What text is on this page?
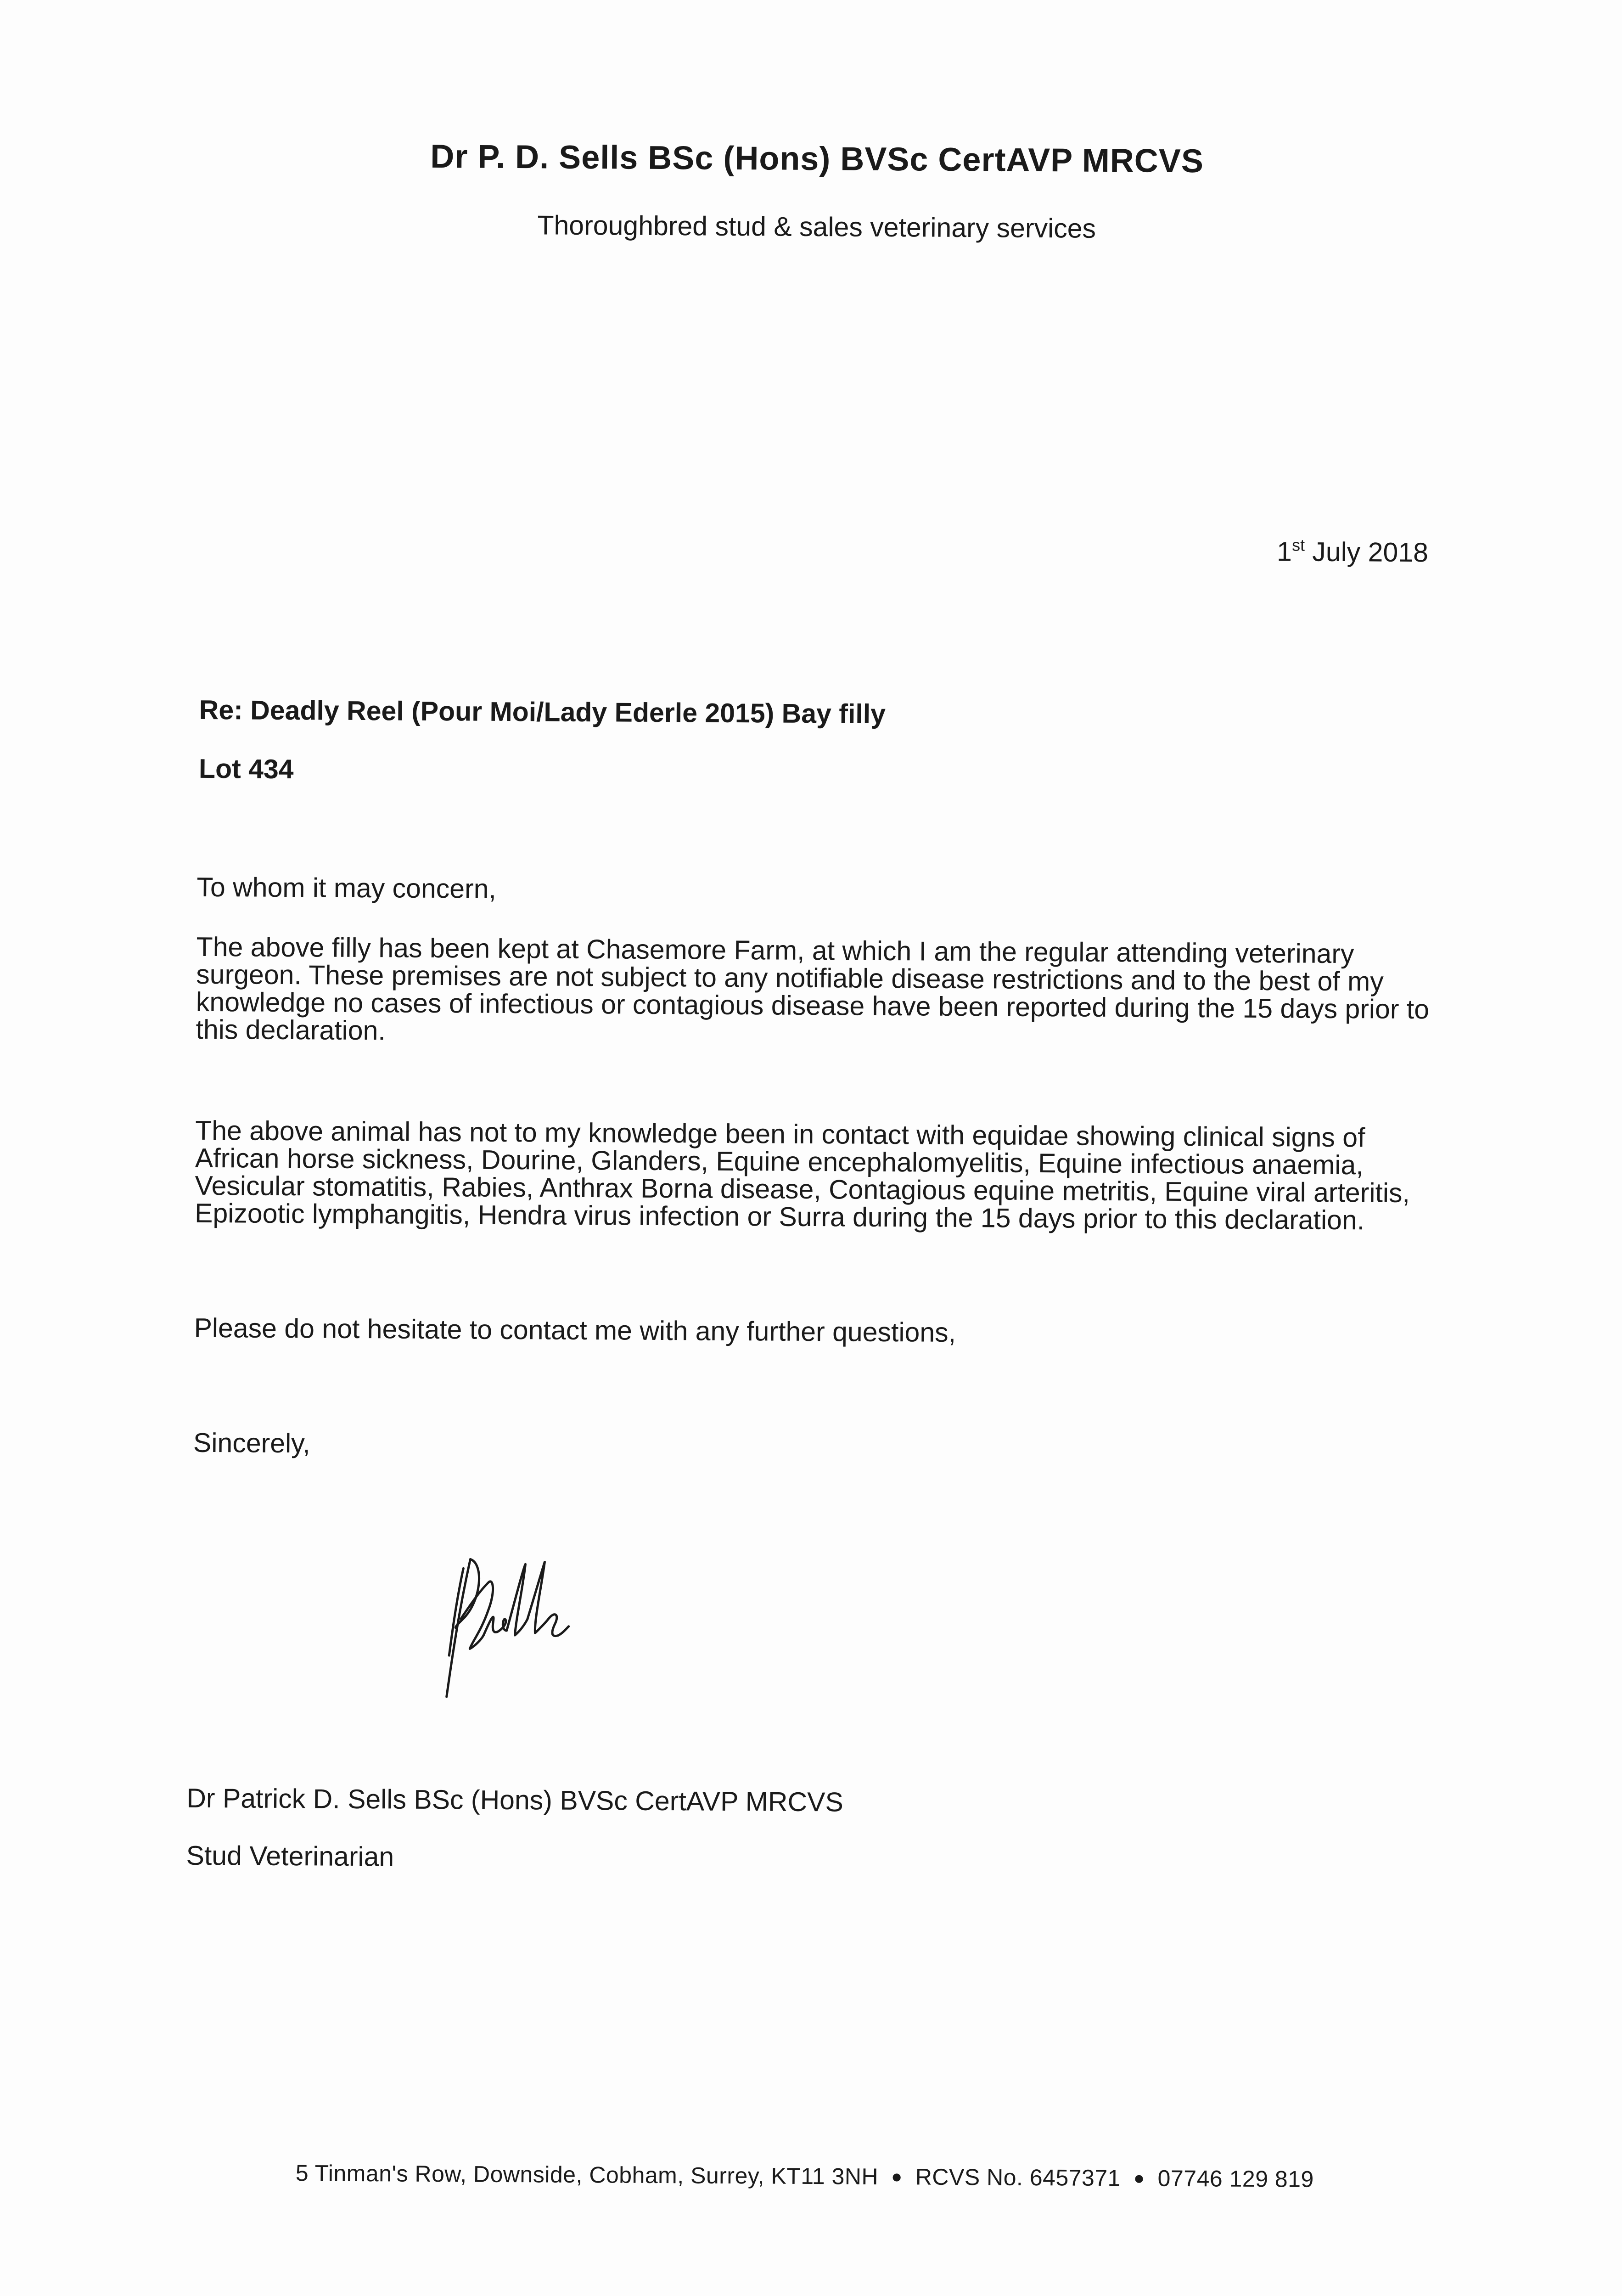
Dr P. D. Sells BSc (Hons) BVSc CertAVP MRCVS
Thoroughbred stud & sales veterinary services
1st July 2018
Re: Deadly Reel (Pour Moi/Lady Ederle 2015) Bay filly
Lot 434
To whom it may concern,
The above filly has been kept at Chasemore Farm, at which I am the regular attending veterinary surgeon. These premises are not subject to any notifiable disease restrictions and to the best of my knowledge no cases of infectious or contagious disease have been reported during the 15 days prior to this declaration.
The above animal has not to my knowledge been in contact with equidae showing clinical signs of African horse sickness, Dourine, Glanders, Equine encephalomyelitis, Equine infectious anaemia, Vesicular stomatitis, Rabies, Anthrax Borna disease, Contagious equine metritis, Equine viral arteritis, Epizootic lymphangitis, Hendra virus infection or Surra during the 15 days prior to this declaration.
Please do not hesitate to contact me with any further questions,
Sincerely,
PDSells
Dr Patrick D. Sells BSc (Hons) BVSc CertAVP MRCVS
Stud Veterinarian
5 Tinman's Row, Downside, Cobham, Surrey, KT11 3NH ● RCVS No. 6457371 ● 07746 129 819
